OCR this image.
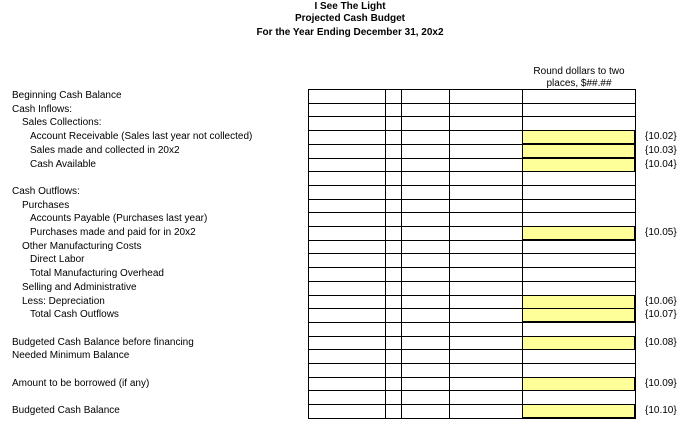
I See The Light
Projected Cash Budget
For the Year Ending December 31, 20x2
Round dollars to two places, $##.##
Beginning Cash Balance
Cash Inflows:
Sales Collections:
Account Receivable (Sales last year not collected)	{10.02}
Sales made and collected in 20x2	{10.03}
Cash Available	{10.04}
Cash Outflows:
Purchases
Accounts Payable (Purchases last year)
Purchases made and paid for in 20x2	{10.05}
Other Manufacturing Costs
Direct Labor
Total Manufacturing Overhead
Selling and Administrative
Less: Depreciation	{10.06}
Total Cash Outflows	{10.07}
Budgeted Cash Balance before financing	{10.08}
Needed Minimum Balance
Amount to be borrowed (if any)	{10.09}
Budgeted Cash Balance	{10.10}
